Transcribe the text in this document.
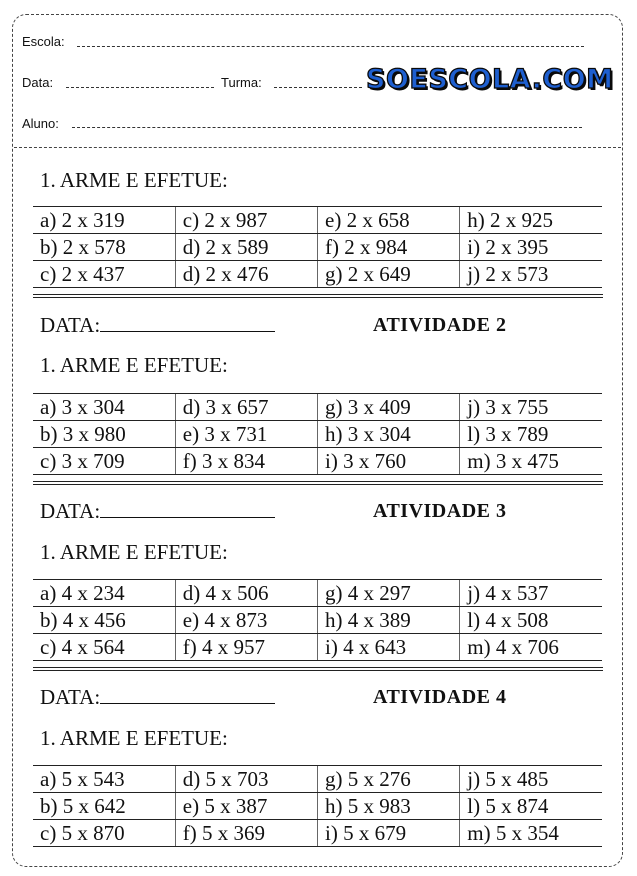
Escola:
Data:	Turma:	SOESCOLA.COM
Aluno:
1. ARME E EFETUE:
a) 2 x 319	c) 2 x 987	e) 2 x 658	h) 2 x 925
b) 2 x 578	d) 2 x 589	f) 2 x 984	i) 2 x 395
c) 2 x 437	d) 2 x 476	g) 2 x 649	j) 2 x 573
DATA:	ATIVIDADE 2
1. ARME E EFETUE:
a) 3 x 304	d) 3 x 657	g) 3 x 409	j) 3 x 755
b) 3 x 980	e) 3 x 731	h) 3 x 304	l) 3 x 789
c) 3 x 709	f) 3 x 834	i) 3 x 760	m) 3 x 475
DATA:	ATIVIDADE 3
1. ARME E EFETUE:
a) 4 x 234	d) 4 x 506	g) 4 x 297	j) 4 x 537
b) 4 x 456	e) 4 x 873	h) 4 x 389	l) 4 x 508
c) 4 x 564	f) 4 x 957	i) 4 x 643	m) 4 x 706
DATA:	ATIVIDADE 4
1. ARME E EFETUE:
a) 5 x 543	d) 5 x 703	g) 5 x 276	j) 5 x 485
b) 5 x 642	e) 5 x 387	h) 5 x 983	l) 5 x 874
c) 5 x 870	f) 5 x 369	i) 5 x 679	m) 5 x 354
